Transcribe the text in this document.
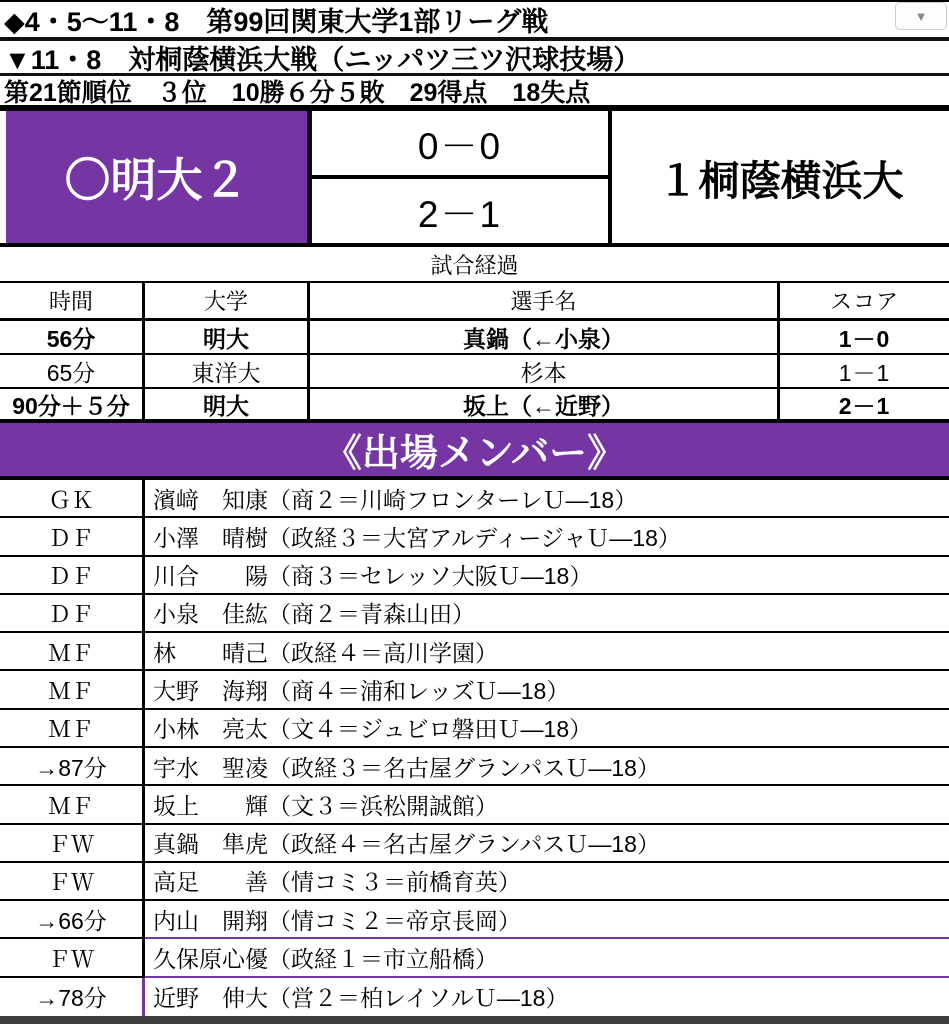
◆4・5〜11・8　第99回関東大学1部リーグ戦	▼
▼11・8　対桐蔭横浜大戦（ニッパツ三ツ沢球技場）
第21節順位　３位　10勝６分５敗　29得点　18失点
〇明大２
0－0
2－1
１桐蔭横浜大
試合経過
時間	大学	選手名	スコア
56分	明大	真鍋（←小泉）	1－0
65分	東洋大	杉本	1－1
90分＋５分	明大	坂上（←近野）	2－1
《出場メンバー》
ＧＫ	濱﨑　知康（商２＝川崎フロンターレＵ―18）
ＤＦ	小澤　晴樹（政経３＝大宮アルディージャＵ―18）
ＤＦ	川合　　陽（商３＝セレッソ大阪Ｕ―18）
ＤＦ	小泉　佳紘（商２＝青森山田）
ＭＦ	林　　晴己（政経４＝高川学園）
ＭＦ	大野　海翔（商４＝浦和レッズＵ―18）
ＭＦ	小林　亮太（文４＝ジュビロ磐田Ｕ―18）
→87分	宇水　聖凌（政経３＝名古屋グランパスＵ―18）
ＭＦ	坂上　　輝（文３＝浜松開誠館）
ＦＷ	真鍋　隼虎（政経４＝名古屋グランパスＵ―18）
ＦＷ	高足　　善（情コミ３＝前橋育英）
→66分	内山　開翔（情コミ２＝帝京長岡）
ＦＷ	久保原心優（政経１＝市立船橋）
→78分	近野　伸大（営２＝柏レイソルＵ―18）
